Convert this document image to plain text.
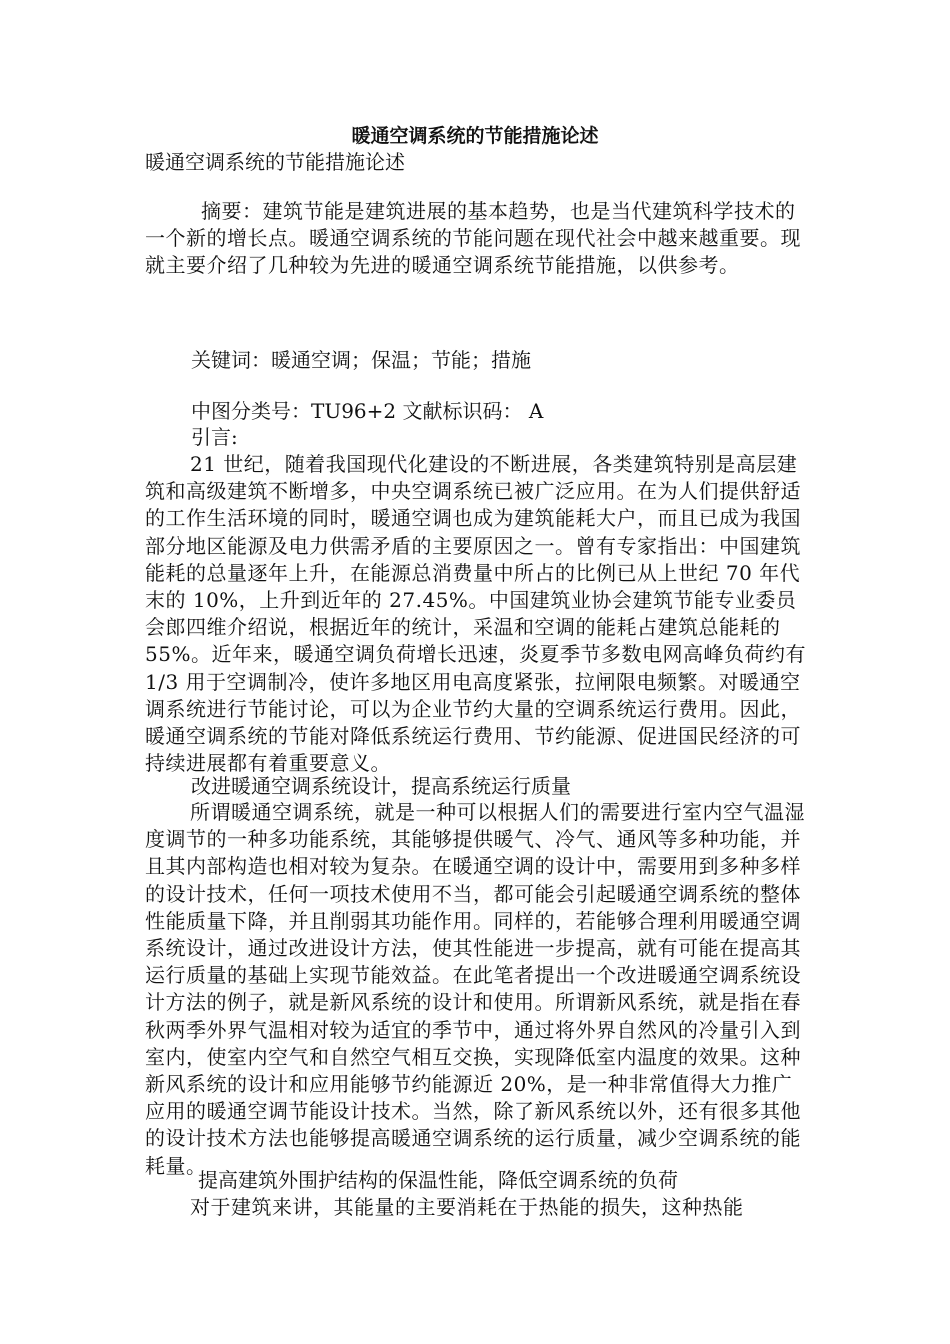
暖通空调系统的节能措施论述
暖通空调系统的节能措施论述
摘要：建筑节能是建筑进展的基本趋势，也是当代建筑科学技术的一个新的增长点。暖通空调系统的节能问题在现代社会中越来越重要。现就主要介绍了几种较为先进的暖通空调系统节能措施，以供参考。
关键词：暖通空调；保温；节能；措施
中图分类号：TU96+2 文献标识码： A
引言:
21 世纪，随着我国现代化建设的不断进展，各类建筑特别是高层建筑和高级建筑不断增多，中央空调系统已被广泛应用。在为人们提供舒适的工作生活环境的同时，暖通空调也成为建筑能耗大户，而且已成为我国部分地区能源及电力供需矛盾的主要原因之一。曾有专家指出：中国建筑能耗的总量逐年上升，在能源总消费量中所占的比例已从上世纪 70 年代末的 10%，上升到近年的 27.45%。中国建筑业协会建筑节能专业委员会郎四维介绍说，根据近年的统计，采温和空调的能耗占建筑总能耗的 55%。近年来，暖通空调负荷增长迅速，炎夏季节多数电网高峰负荷约有 1/3 用于空调制冷，使许多地区用电高度紧张，拉闸限电频繁。对暖通空调系统进行节能讨论，可以为企业节约大量的空调系统运行费用。因此，暖通空调系统的节能对降低系统运行费用、节约能源、促进国民经济的可持续进展都有着重要意义。
改进暖通空调系统设计，提高系统运行质量
所谓暖通空调系统，就是一种可以根据人们的需要进行室内空气温湿度调节的一种多功能系统，其能够提供暖气、冷气、通风等多种功能，并且其内部构造也相对较为复杂。在暖通空调的设计中，需要用到多种多样的设计技术，任何一项技术使用不当，都可能会引起暖通空调系统的整体性能质量下降，并且削弱其功能作用。同样的，若能够合理利用暖通空调系统设计，通过改进设计方法，使其性能进一步提高，就有可能在提高其运行质量的基础上实现节能效益。在此笔者提出一个改进暖通空调系统设计方法的例子，就是新风系统的设计和使用。所谓新风系统，就是指在春秋两季外界气温相对较为适宜的季节中，通过将外界自然风的冷量引入到室内，使室内空气和自然空气相互交换，实现降低室内温度的效果。这种新风系统的设计和应用能够节约能源近 20%，是一种非常值得大力推广应用的暖通空调节能设计技术。当然，除了新风系统以外，还有很多其他的设计技术方法也能够提高暖通空调系统的运行质量，减少空调系统的能耗量。
提高建筑外围护结构的保温性能，降低空调系统的负荷
对于建筑来讲，其能量的主要消耗在于热能的损失，这种热能
